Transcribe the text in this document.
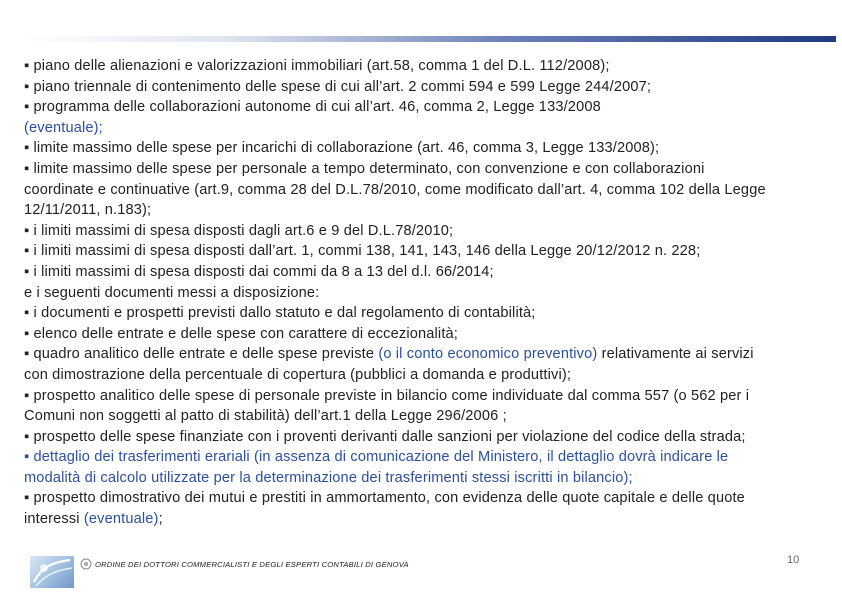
▪ piano delle alienazioni e valorizzazioni immobiliari (art.58, comma 1 del D.L. 112/2008);
▪ piano triennale di contenimento delle spese di cui all’art. 2 commi 594 e 599 Legge 244/2007;
▪ programma delle collaborazioni autonome di cui all’art. 46, comma 2, Legge 133/2008
(eventuale);
▪ limite massimo delle spese per incarichi di collaborazione (art. 46, comma 3, Legge 133/2008);
▪ limite massimo delle spese per personale a tempo determinato, con convenzione e con collaborazioni
coordinate e continuative (art.9, comma 28 del D.L.78/2010, come modificato dall’art. 4, comma 102 della Legge
12/11/2011, n.183);
▪ i limiti massimi di spesa disposti dagli art.6 e 9 del D.L.78/2010;
▪ i limiti massimi di spesa disposti dall’art. 1, commi 138, 141, 143, 146 della Legge 20/12/2012 n. 228;
▪ i limiti massimi di spesa disposti dai commi da 8 a 13 del d.l. 66/2014;
e i seguenti documenti messi a disposizione:
▪ i documenti e prospetti previsti dallo statuto e dal regolamento di contabilità;
▪ elenco delle entrate e delle spese con carattere di eccezionalità;
▪ quadro analitico delle entrate e delle spese previste (o il conto economico preventivo) relativamente ai servizi
con dimostrazione della percentuale di copertura (pubblici a domanda e produttivi);
▪ prospetto analitico delle spese di personale previste in bilancio come individuate dal comma 557 (o 562 per i
Comuni non soggetti al patto di stabilità) dell’art.1 della Legge 296/2006 ;
▪ prospetto delle spese finanziate con i proventi derivanti dalle sanzioni per violazione del codice della strada;
▪ dettaglio dei trasferimenti erariali (in assenza di comunicazione del Ministero, il dettaglio dovrà indicare le
modalità di calcolo utilizzate per la determinazione dei trasferimenti stessi iscritti in bilancio);
▪ prospetto dimostrativo dei mutui e prestiti in ammortamento, con evidenza delle quote capitale e delle quote
interessi (eventuale);
ORDINE DEI DOTTORI COMMERCIALISTI E DEGLI ESPERTI CONTABILI DI GENOVA	10
